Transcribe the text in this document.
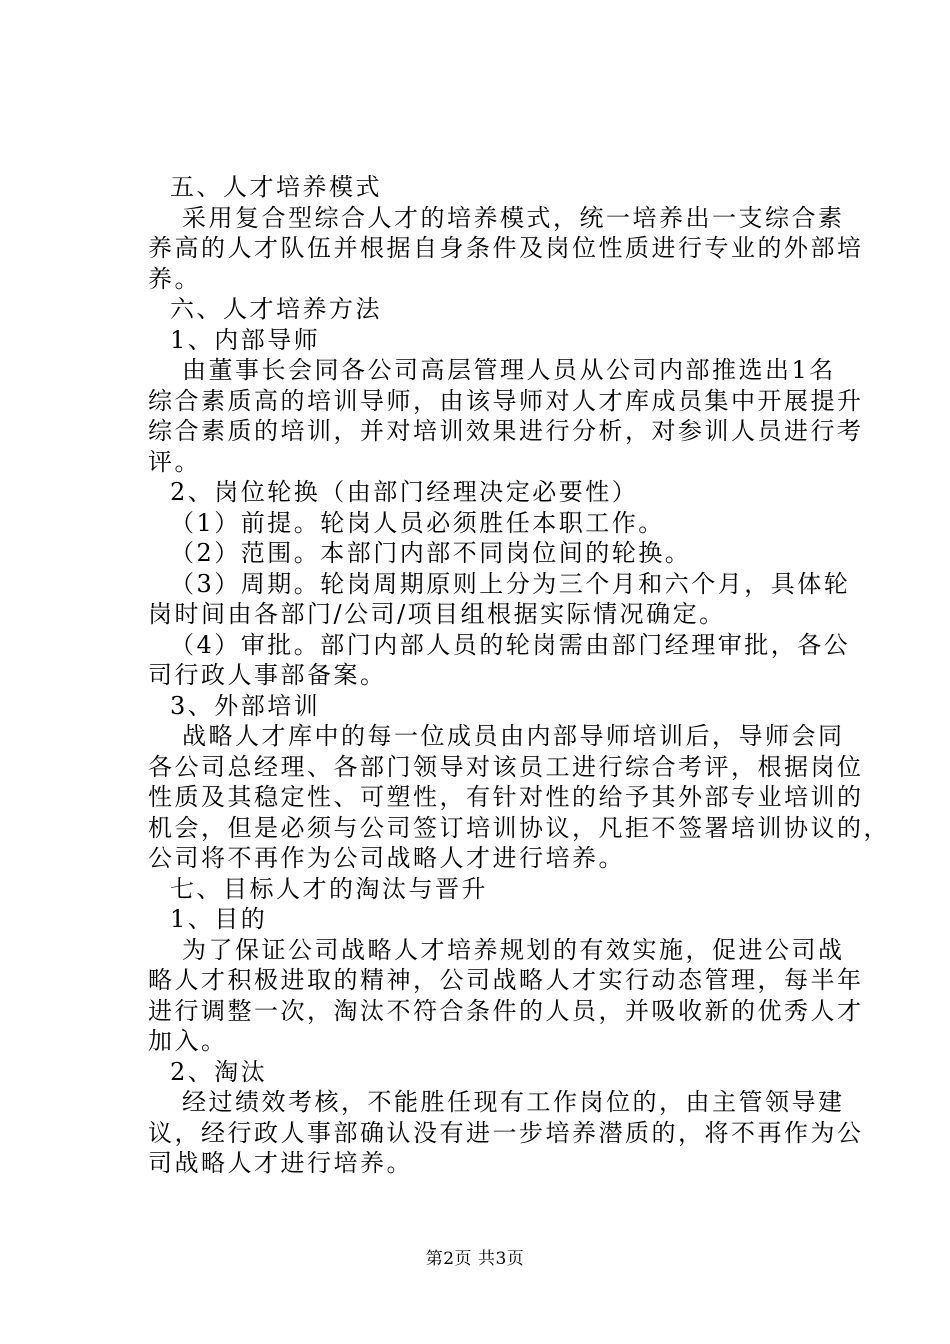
五、人才培养模式
采用复合型综合人才的培养模式，统一培养出一支综合素
养高的人才队伍并根据自身条件及岗位性质进行专业的外部培
养。
六、人才培养方法
1、内部导师
由董事长会同各公司高层管理人员从公司内部推选出1名
综合素质高的培训导师，由该导师对人才库成员集中开展提升
综合素质的培训，并对培训效果进行分析，对参训人员进行考
评。
2、岗位轮换（由部门经理决定必要性）
（1）前提。轮岗人员必须胜任本职工作。
（2）范围。本部门内部不同岗位间的轮换。
（3）周期。轮岗周期原则上分为三个月和六个月，具体轮
岗时间由各部门/公司/项目组根据实际情况确定。
（4）审批。部门内部人员的轮岗需由部门经理审批，各公
司行政人事部备案。
3、外部培训
战略人才库中的每一位成员由内部导师培训后，导师会同
各公司总经理、各部门领导对该员工进行综合考评，根据岗位
性质及其稳定性、可塑性，有针对性的给予其外部专业培训的
机会，但是必须与公司签订培训协议，凡拒不签署培训协议的，
公司将不再作为公司战略人才进行培养。
七、目标人才的淘汰与晋升
1、目的
为了保证公司战略人才培养规划的有效实施，促进公司战
略人才积极进取的精神，公司战略人才实行动态管理，每半年
进行调整一次，淘汰不符合条件的人员，并吸收新的优秀人才
加入。
2、淘汰
经过绩效考核，不能胜任现有工作岗位的，由主管领导建
议，经行政人事部确认没有进一步培养潜质的，将不再作为公
司战略人才进行培养。
第2页 共3页
